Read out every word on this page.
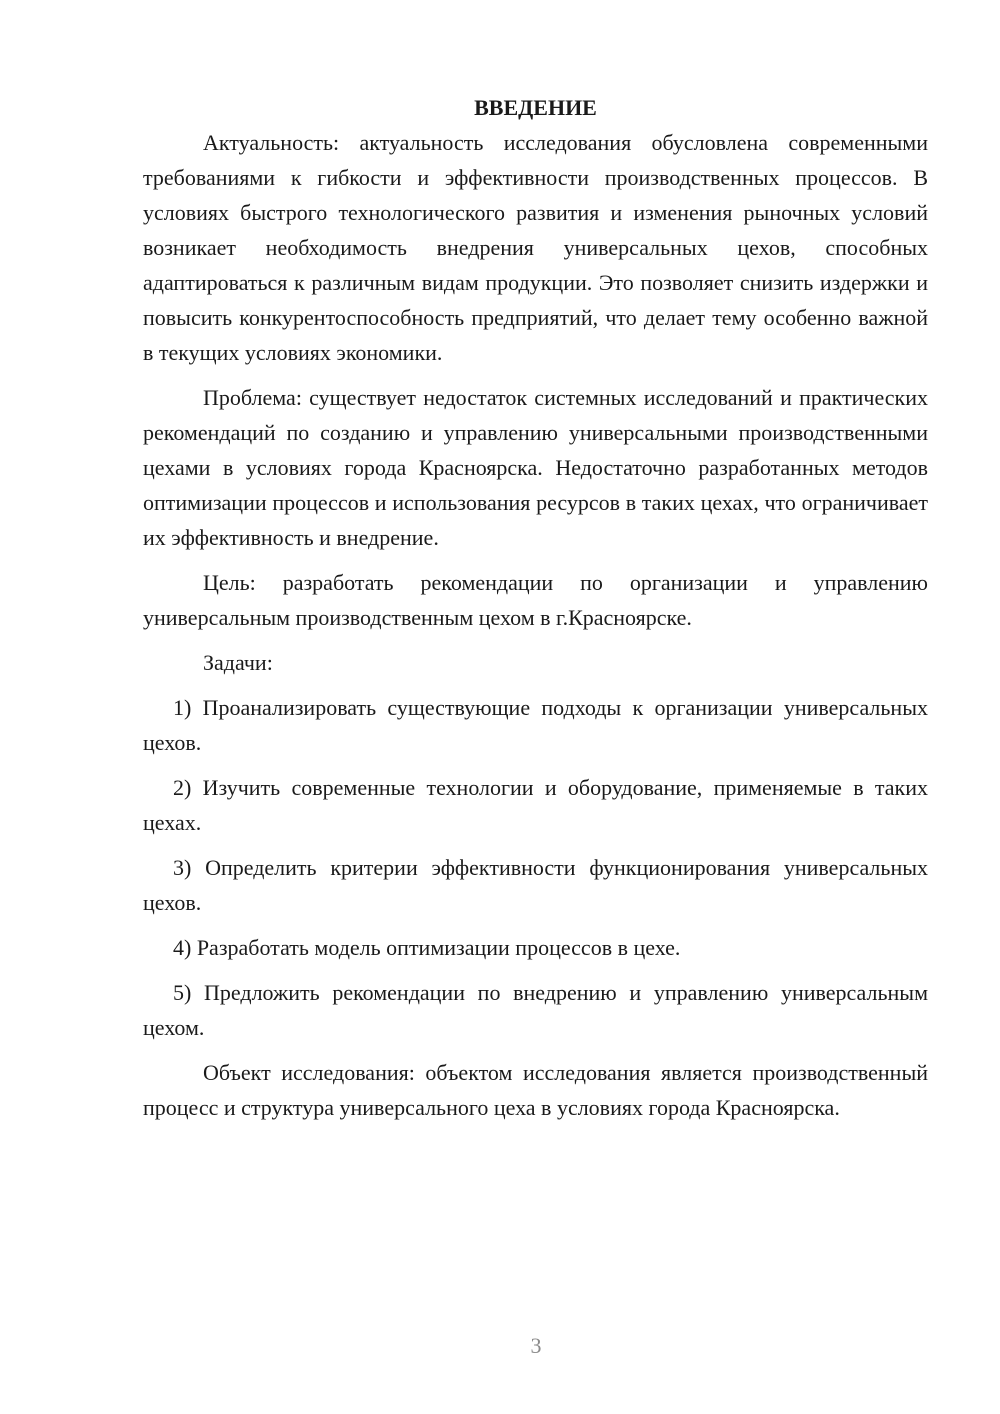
ВВЕДЕНИЕ

Актуальность: актуальность исследования обусловлена современными требованиями к гибкости и эффективности производственных процессов. В условиях быстрого технологического развития и изменения рыночных условий возникает необходимость внедрения универсальных цехов, способных адаптироваться к различным видам продукции. Это позволяет снизить издержки и повысить конкурентоспособность предприятий, что делает тему особенно важной в текущих условиях экономики.

Проблема: существует недостаток системных исследований и практических рекомендаций по созданию и управлению универсальными производственными цехами в условиях города Красноярска. Недостаточно разработанных методов оптимизации процессов и использования ресурсов в таких цехах, что ограничивает их эффективность и внедрение.

Цель: разработать рекомендации по организации и управлению универсальным производственным цехом в г.Красноярске.

Задачи:

1) Проанализировать существующие подходы к организации универсальных цехов.

2) Изучить современные технологии и оборудование, применяемые в таких цехах.

3) Определить критерии эффективности функционирования универсальных цехов.

4) Разработать модель оптимизации процессов в цехе.

5) Предложить рекомендации по внедрению и управлению универсальным цехом.

Объект исследования: объектом исследования является производственный процесс и структура универсального цеха в условиях города Красноярска.

3
